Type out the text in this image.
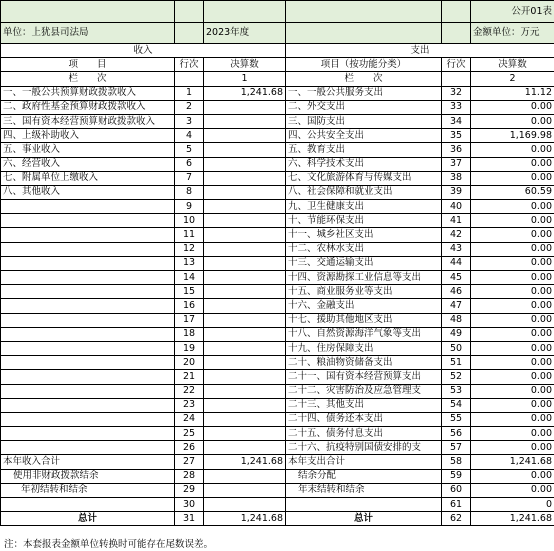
					公开01表
单位：上犹县司法局		2023年度			金额单位：万元
收入			支出		
项　　目	行次	决算数	项目（按功能分类）	行次	决算数
栏　　次		1	栏　　次		2
一、一般公共预算财政拨款收入	1	1,241.68	一、一般公共服务支出	32	11.12
二、政府性基金预算财政拨款收入	2		二、外交支出	33	0.00
三、国有资本经营预算财政拨款收入	3		三、国防支出	34	0.00
四、上级补助收入	4		四、公共安全支出	35	1,169.98
五、事业收入	5		五、教育支出	36	0.00
六、经营收入	6		六、科学技术支出	37	0.00
七、附属单位上缴收入	7		七、文化旅游体育与传媒支出	38	0.00
八、其他收入	8		八、社会保障和就业支出	39	60.59
	9		九、卫生健康支出	40	0.00
	10		十、节能环保支出	41	0.00
	11		十一、城乡社区支出	42	0.00
	12		十二、农林水支出	43	0.00
	13		十三、交通运输支出	44	0.00
	14		十四、资源勘探工业信息等支出	45	0.00
	15		十五、商业服务业等支出	46	0.00
	16		十六、金融支出	47	0.00
	17		十七、援助其他地区支出	48	0.00
	18		十八、自然资源海洋气象等支出	49	0.00
	19		十九、住房保障支出	50	0.00
	20		二十、粮油物资储备支出	51	0.00
	21		二十一、国有资本经营预算支出	52	0.00
	22		二十二、灾害防治及应急管理支	53	0.00
	23		二十三、其他支出	54	0.00
	24		二十四、债务还本支出	55	0.00
	25		二十五、债务付息支出	56	0.00
	26		二十六、抗疫特别国债安排的支	57	0.00
本年收入合计	27	1,241.68	本年支出合计	58	1,241.68
使用非财政拨款结余	28		结余分配	59	0.00
年初结转和结余	29		年末结转和结余	60	0.00
	30			61	0
总计	31	1,241.68	总计	62	1,241.68
注：本套报表金额单位转换时可能存在尾数误差。
